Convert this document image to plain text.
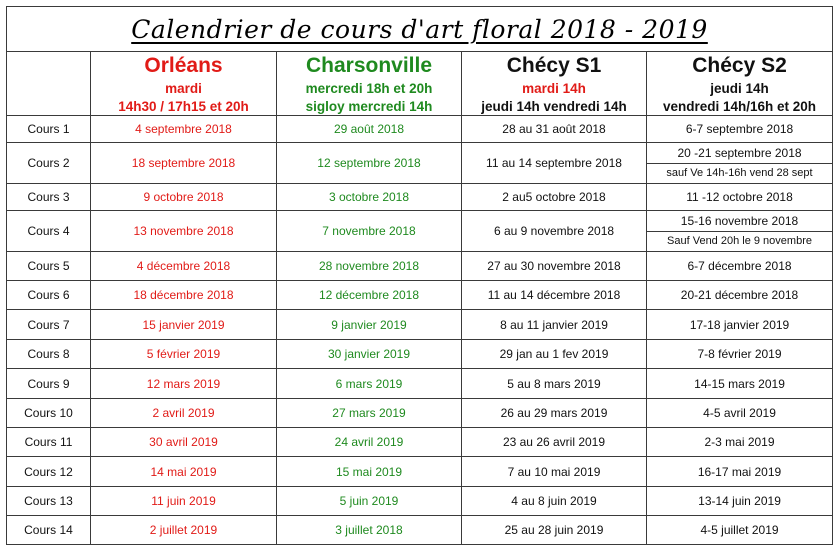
Calendrier de cours d'art floral 2018 - 2019				
	Orléans	Charsonville	Chécy S1	Chécy S2
	mardi	mercredi 18h et 20h	mardi 14h	jeudi 14h
	14h30 / 17h15 et 20h	sigloy mercredi 14h	jeudi 14h vendredi 14h	vendredi 14h/16h et 20h
Cours 1	4 septembre 2018	29 août 2018	28 au 31 août 2018	6-7 septembre 2018
Cours 2	18 septembre 2018	12 septembre 2018	11 au 14 septembre 2018	20 -21 septembre 2018
				sauf Ve 14h-16h vend 28 sept
Cours 3	9 octobre 2018	3 octobre 2018	2 au5 octobre 2018	11 -12 octobre 2018
Cours 4	13 novembre 2018	7 novembre 2018	6 au 9 novembre 2018	15-16 novembre 2018
				Sauf Vend 20h le 9 novembre
Cours 5	4 décembre 2018	28 novembre 2018	27 au 30 novembre 2018	6-7 décembre 2018
Cours 6	18 décembre 2018	12 décembre 2018	11 au 14 décembre 2018	20-21 décembre 2018
Cours 7	15 janvier 2019	9 janvier 2019	8 au 11 janvier 2019	17-18 janvier 2019
Cours 8	5 février 2019	30 janvier 2019	29 jan au 1 fev 2019	7-8 février 2019
Cours 9	12 mars 2019	6 mars 2019	5 au 8 mars 2019	14-15 mars 2019
Cours 10	2 avril 2019	27 mars 2019	26 au 29 mars 2019	4-5 avril 2019
Cours 11	30 avril 2019	24 avril 2019	23 au 26 avril 2019	2-3 mai 2019
Cours 12	14 mai 2019	15 mai 2019	7 au 10 mai 2019	16-17 mai 2019
Cours 13	11 juin 2019	5 juin 2019	4 au 8 juin 2019	13-14 juin 2019
Cours 14	2 juillet 2019	3 juillet 2018	25 au 28 juin 2019	4-5 juillet 2019
